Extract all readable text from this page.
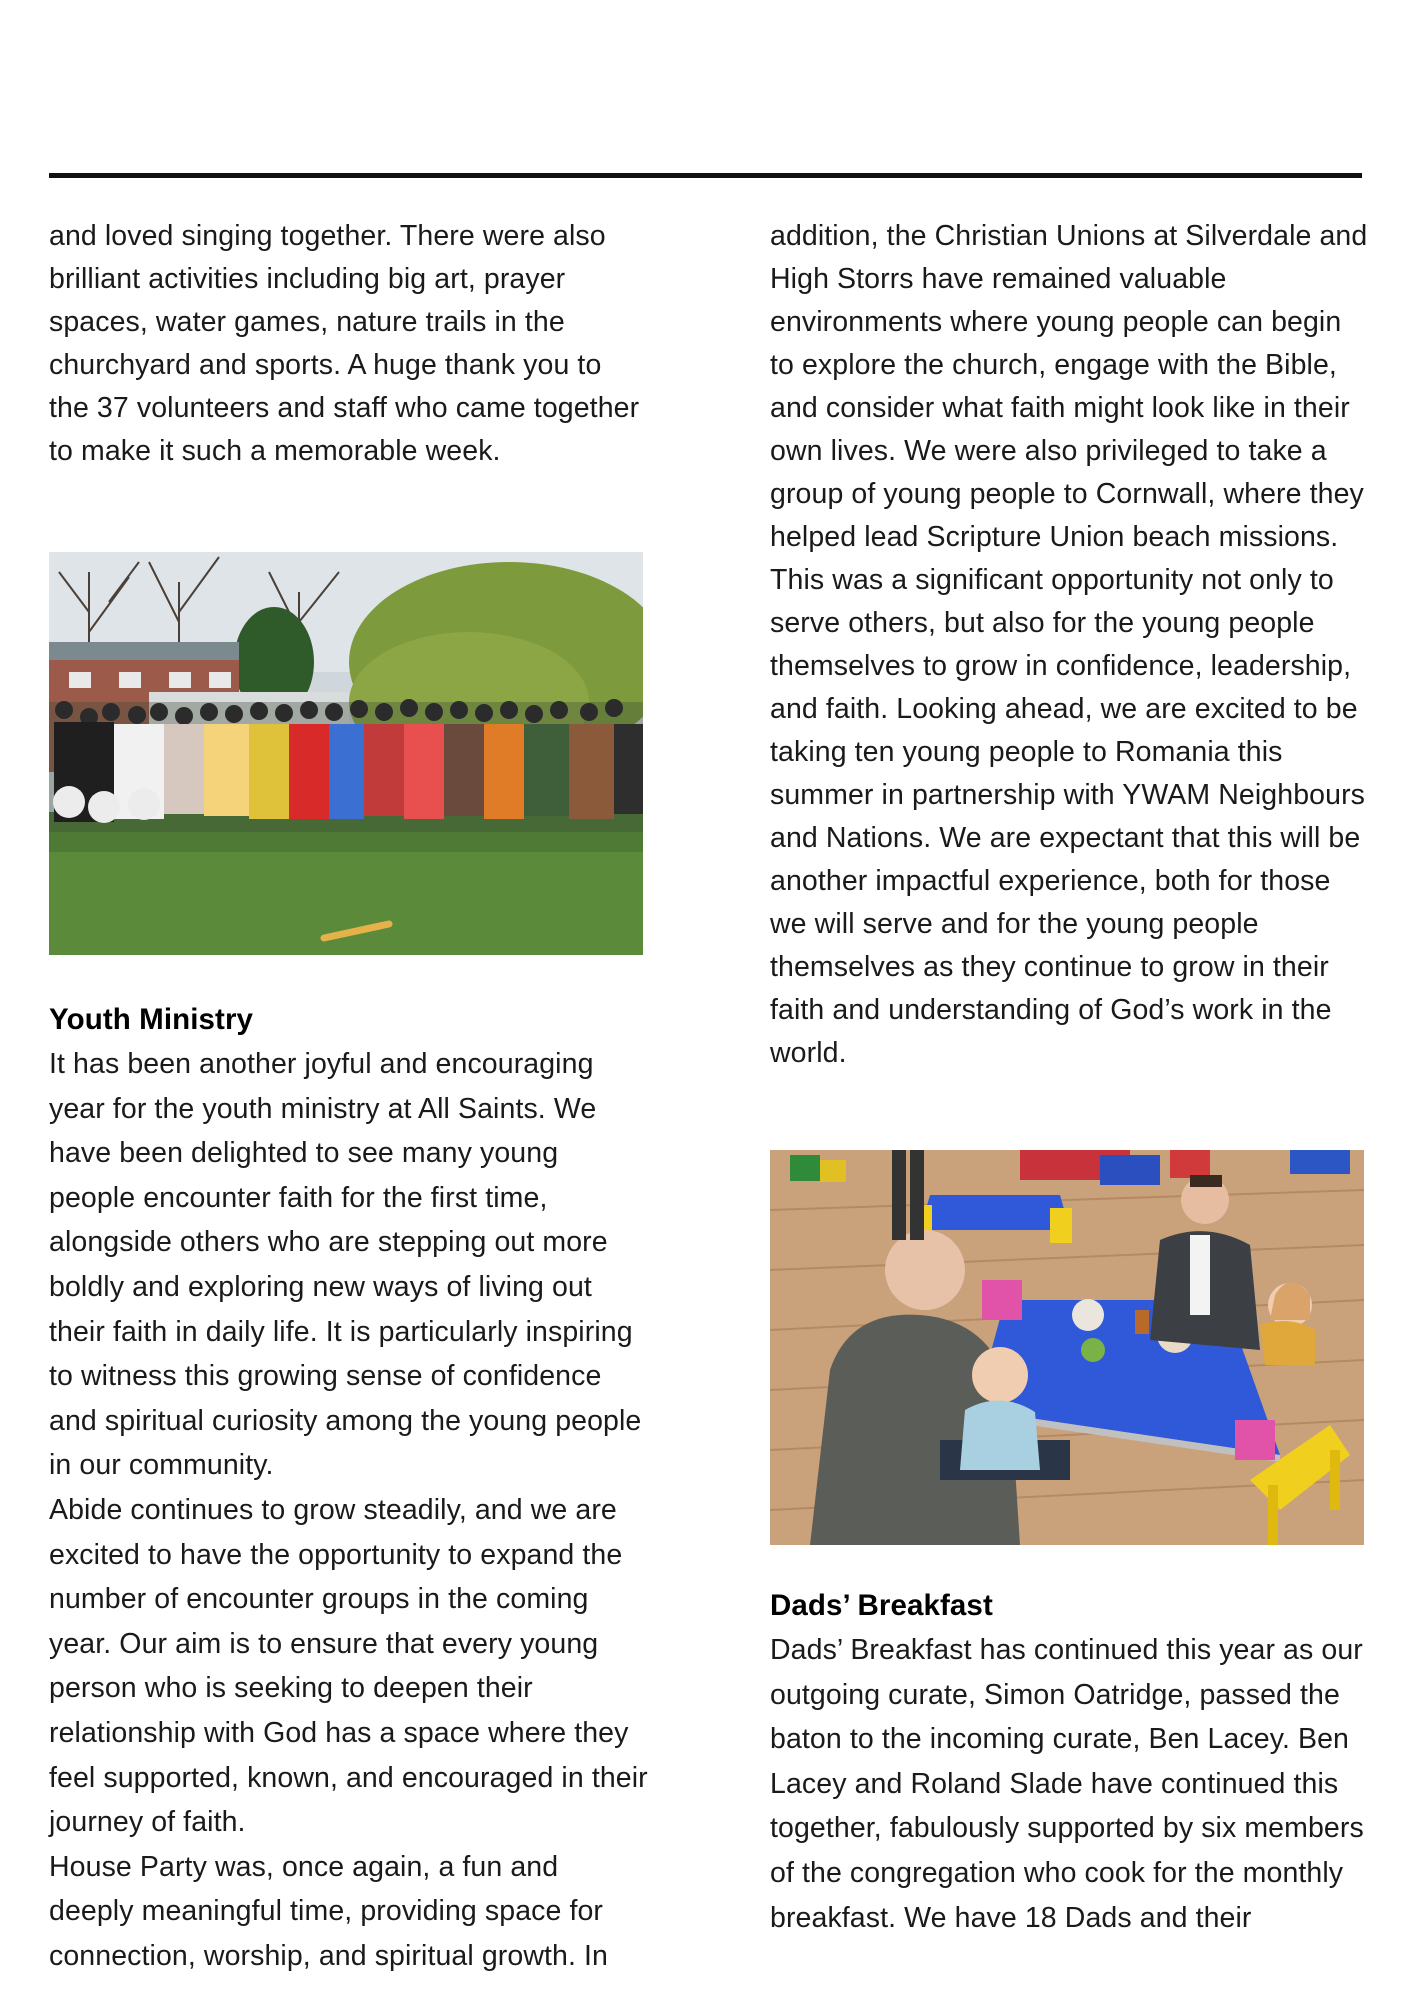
and loved singing together. There were also brilliant activities including big art, prayer spaces, water games, nature trails in the churchyard and sports. A huge thank you to the 37 volunteers and staff who came together to make it such a memorable week.

Youth Ministry

It has been another joyful and encouraging year for the youth ministry at All Saints. We have been delighted to see many young people encounter faith for the first time, alongside others who are stepping out more boldly and exploring new ways of living out their faith in daily life. It is particularly inspiring to witness this growing sense of confidence and spiritual curiosity among the young people in our community.

Abide continues to grow steadily, and we are excited to have the opportunity to expand the number of encounter groups in the coming year. Our aim is to ensure that every young person who is seeking to deepen their relationship with God has a space where they feel supported, known, and encouraged in their journey of faith.

House Party was, once again, a fun and deeply meaningful time, providing space for connection, worship, and spiritual growth. In

addition, the Christian Unions at Silverdale and High Storrs have remained valuable environments where young people can begin to explore the church, engage with the Bible, and consider what faith might look like in their own lives. We were also privileged to take a group of young people to Cornwall, where they helped lead Scripture Union beach missions. This was a significant opportunity not only to serve others, but also for the young people themselves to grow in confidence, leadership, and faith. Looking ahead, we are excited to be taking ten young people to Romania this summer in partnership with YWAM Neighbours and Nations. We are expectant that this will be another impactful experience, both for those we will serve and for the young people themselves as they continue to grow in their faith and understanding of God’s work in the world.

Dads’ Breakfast

Dads’ Breakfast has continued this year as our outgoing curate, Simon Oatridge, passed the baton to the incoming curate, Ben Lacey. Ben Lacey and Roland Slade have continued this together, fabulously supported by six members of the congregation who cook for the monthly breakfast. We have 18 Dads and their
